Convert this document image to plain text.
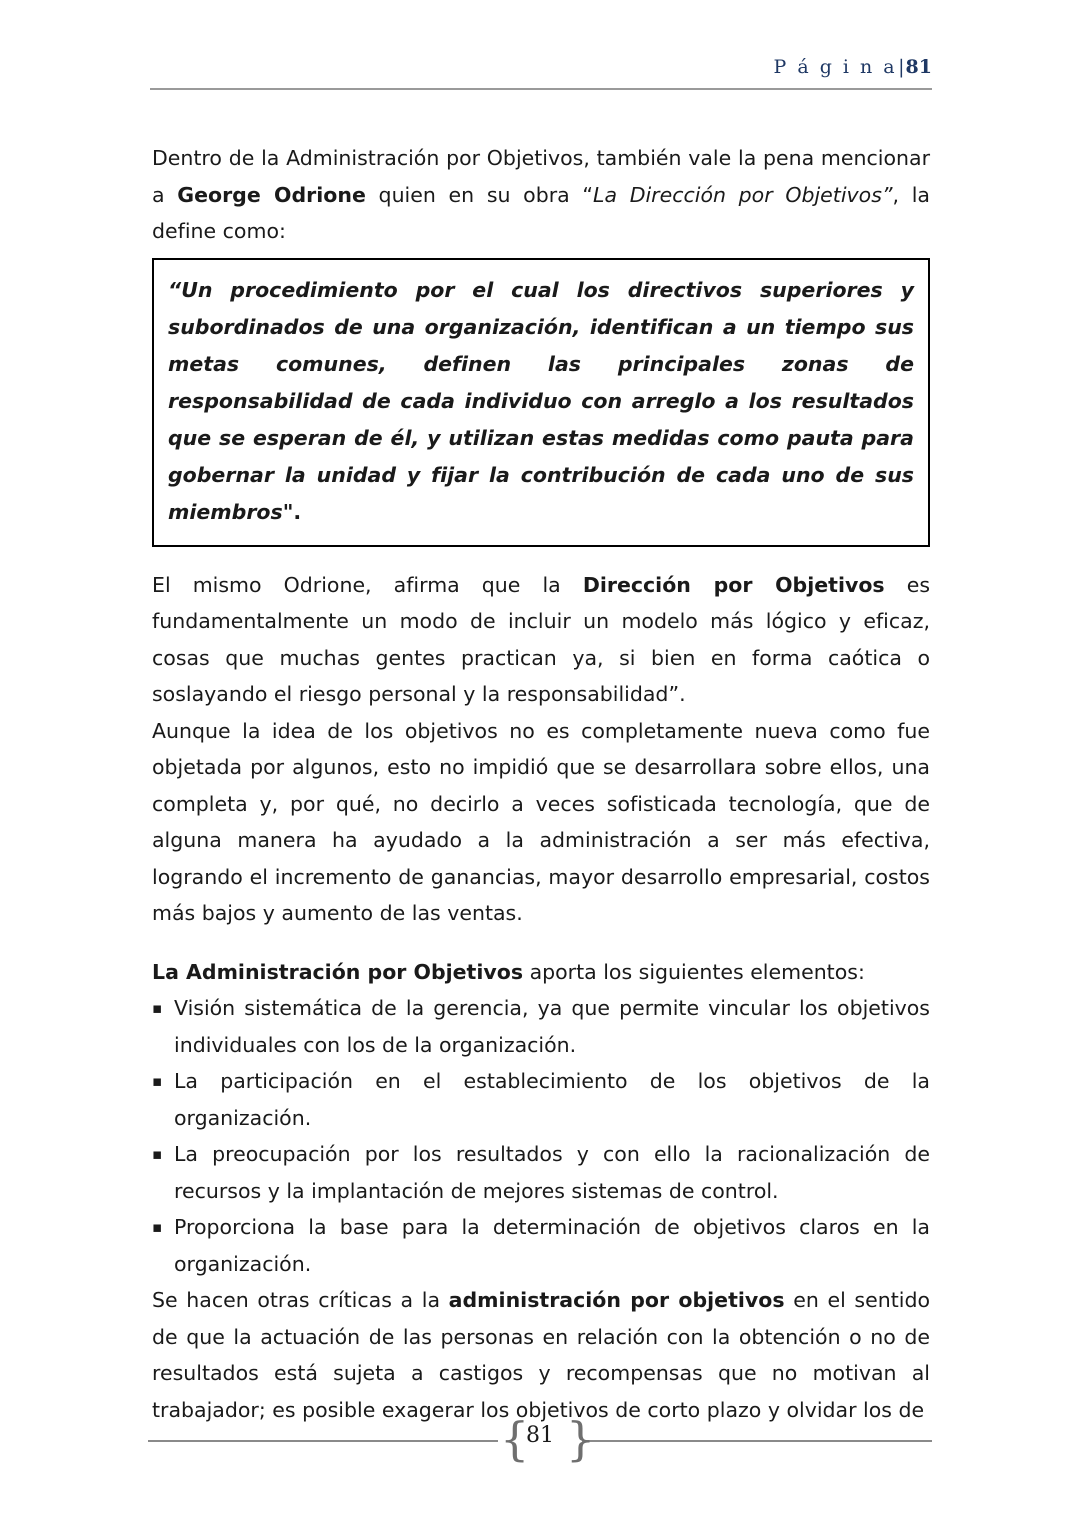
P á g i n a|81

Dentro de la Administración por Objetivos, también vale la pena mencionar a George Odrione quien en su obra “La Dirección por Objetivos”, la define como:

“Un procedimiento por el cual los directivos superiores y subordinados de una organización, identifican a un tiempo sus metas comunes, definen las principales zonas de responsabilidad de cada individuo con arreglo a los resultados que se esperan de él, y utilizan estas medidas como pauta para gobernar la unidad y fijar la contribución de cada uno de sus miembros".

El mismo Odrione, afirma que la Dirección por Objetivos es fundamentalmente un modo de incluir un modelo más lógico y eficaz, cosas que muchas gentes practican ya, si bien en forma caótica o soslayando el riesgo personal y la responsabilidad”.

Aunque la idea de los objetivos no es completamente nueva como fue objetada por algunos, esto no impidió que se desarrollara sobre ellos, una completa y, por qué, no decirlo a veces sofisticada tecnología, que de alguna manera ha ayudado a la administración a ser más efectiva, logrando el incremento de ganancias, mayor desarrollo empresarial, costos más bajos y aumento de las ventas.

La Administración por Objetivos aporta los siguientes elementos:

▪ Visión sistemática de la gerencia, ya que permite vincular los objetivos individuales con los de la organización.
▪ La participación en el establecimiento de los objetivos de la organización.
▪ La preocupación por los resultados y con ello la racionalización de recursos y la implantación de mejores sistemas de control.
▪ Proporciona la base para la determinación de objetivos claros en la organización.

Se hacen otras críticas a la administración por objetivos en el sentido de que la actuación de las personas en relación con la obtención o no de resultados está sujeta a castigos y recompensas que no motivan al trabajador; es posible exagerar los objetivos de corto plazo y olvidar los de

{ }
81
